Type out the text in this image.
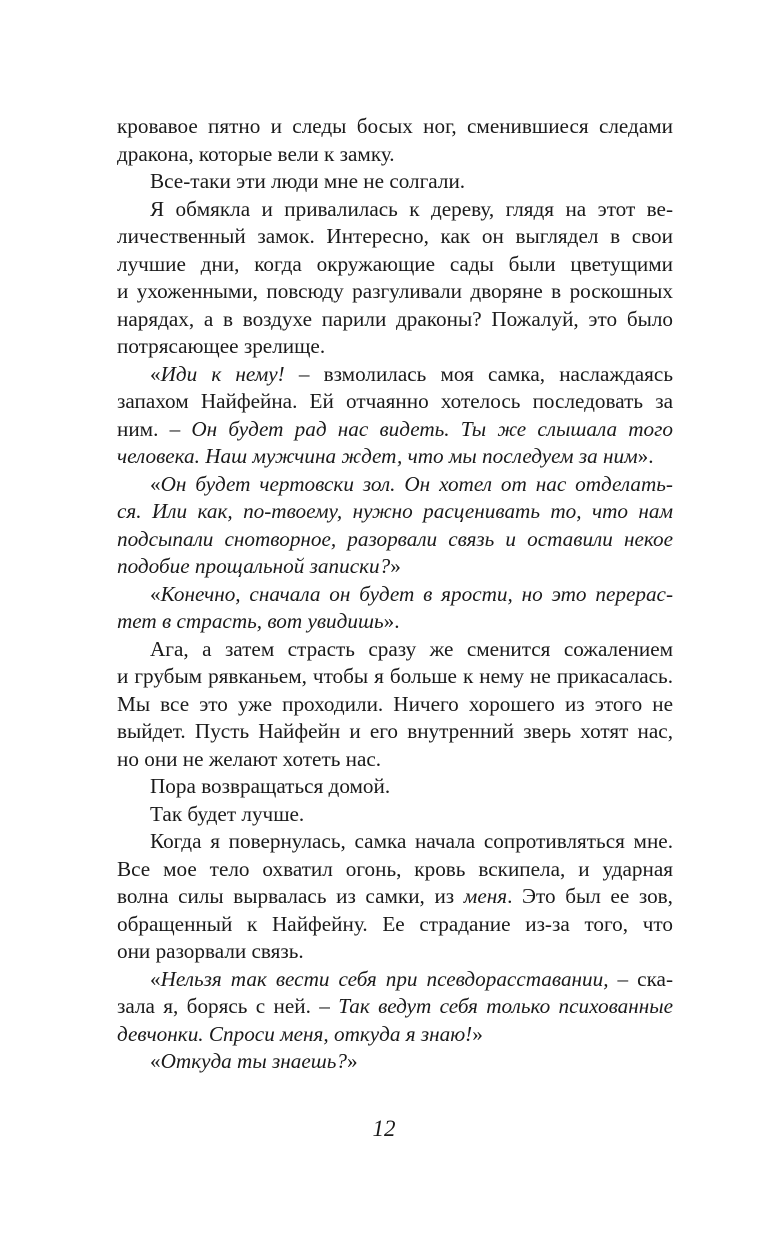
кровавое пятно и следы босых ног, сменившиеся следами
дракона, которые вели к замку.
Все-таки эти люди мне не солгали.
Я обмякла и привалилась к дереву, глядя на этот ве-
личественный замок. Интересно, как он выглядел в свои
лучшие дни, когда окружающие сады были цветущими
и ухоженными, повсюду разгуливали дворяне в роскошных
нарядах, а в воздухе парили драконы? Пожалуй, это было
потрясающее зрелище.
«Иди к нему! – взмолилась моя самка, наслаждаясь
запахом Найфейна. Ей отчаянно хотелось последовать за
ним. – Он будет рад нас видеть. Ты же слышала того
человека. Наш мужчина ждет, что мы последуем за ним».
«Он будет чертовски зол. Он хотел от нас отделать-
ся. Или как, по-твоему, нужно расценивать то, что нам
подсыпали снотворное, разорвали связь и оставили некое
подобие прощальной записки?»
«Конечно, сначала он будет в ярости, но это перерас-
тет в страсть, вот увидишь».
Ага, а затем страсть сразу же сменится сожалением
и грубым рявканьем, чтобы я больше к нему не прикасалась.
Мы все это уже проходили. Ничего хорошего из этого не
выйдет. Пусть Найфейн и его внутренний зверь хотят нас,
но они не желают хотеть нас.
Пора возвращаться домой.
Так будет лучше.
Когда я повернулась, самка начала сопротивляться мне.
Все мое тело охватил огонь, кровь вскипела, и ударная
волна силы вырвалась из самки, из меня. Это был ее зов,
обращенный к Найфейну. Ее страдание из-за того, что
они разорвали связь.
«Нельзя так вести себя при псевдорасставании, – ска-
зала я, борясь с ней. – Так ведут себя только психованные
девчонки. Спроси меня, откуда я знаю!»
«Откуда ты знаешь?»
12
